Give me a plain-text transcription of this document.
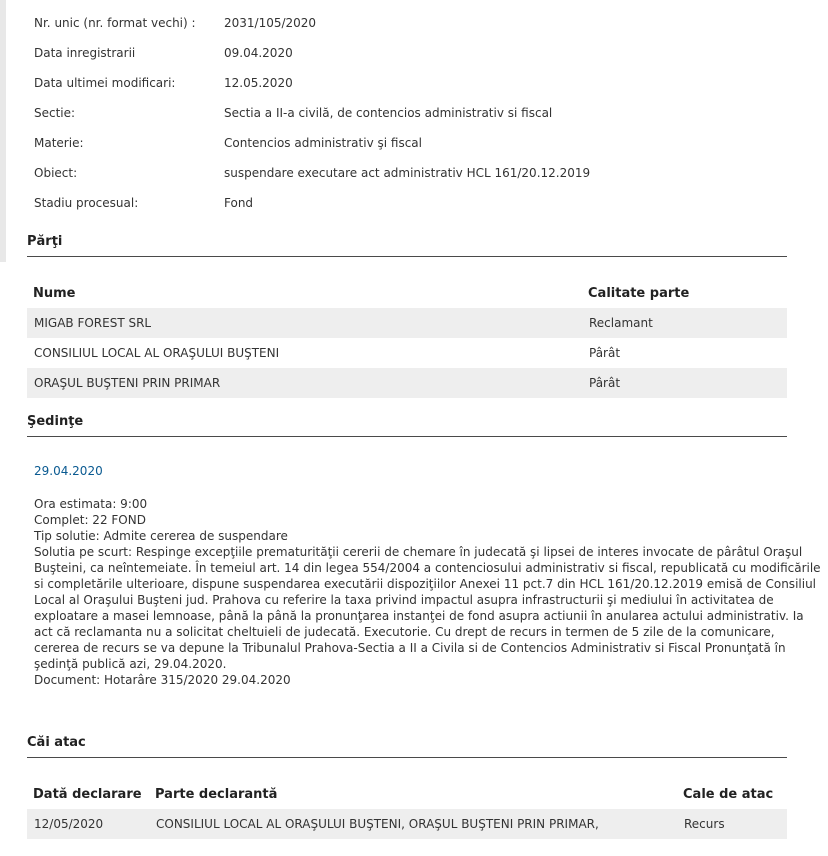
Nr. unic (nr. format vechi) : 2031/105/2020
Data inregistrarii	09.04.2020
Data ultimei modificari:	12.05.2020
Sectie:	Sectia a II-a civilă, de contencios administrativ si fiscal
Materie:	Contencios administrativ şi fiscal
Obiect:	suspendare executare act administrativ HCL 161/20.12.2019
Stadiu procesual:	Fond
Părţi
Nume	Calitate parte
MIGAB FOREST SRL	Reclamant
CONSILIUL LOCAL AL ORAŞULUI BUŞTENI	Pârât
ORAŞUL BUŞTENI PRIN PRIMAR	Pârât
Şedinţe
29.04.2020
Ora estimata: 9:00
Complet: 22 FOND
Tip solutie: Admite cererea de suspendare
Solutia pe scurt: Respinge excepţiile prematurităţii cererii de chemare în judecată şi lipsei de interes invocate de pârâtul Oraşul
Buşteini, ca neîntemeiate. În temeiul art. 14 din legea 554/2004 a contenciosului administrativ si fiscal, republicată cu modificările
si completările ulterioare, dispune suspendarea executării dispoziţiilor Anexei 11 pct.7 din HCL 161/20.12.2019 emisă de Consiliul
Local al Oraşului Buşteni jud. Prahova cu referire la taxa privind impactul asupra infrastructurii şi mediului în activitatea de
exploatare a masei lemnoase, până la până la pronunţarea instanţei de fond asupra actiunii în anularea actului administrativ. Ia
act că reclamanta nu a solicitat cheltuieli de judecată. Executorie. Cu drept de recurs in termen de 5 zile de la comunicare,
cererea de recurs se va depune la Tribunalul Prahova-Sectia a II a Civila si de Contencios Administrativ si Fiscal Pronunţată în
şedinţă publică azi, 29.04.2020.
Document: Hotarâre 315/2020 29.04.2020
Căi atac
Dată declarare	Parte declarantă	Cale de atac
12/05/2020	CONSILIUL LOCAL AL ORAŞULUI BUŞTENI, ORAŞUL BUŞTENI PRIN PRIMAR,	Recurs
